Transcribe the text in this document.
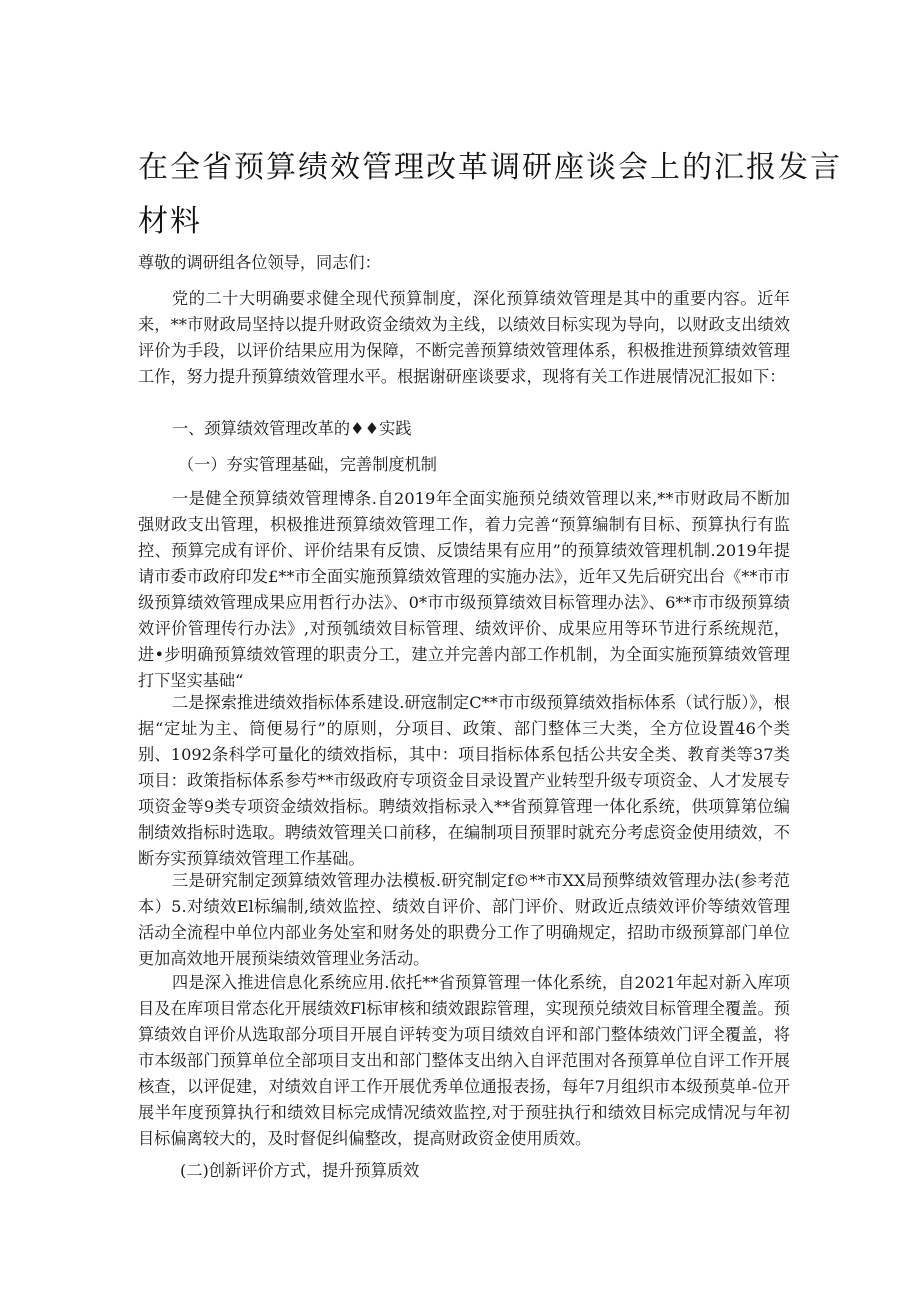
在全省预算绩效管理改革调研座谈会上的汇报发言
材料
尊敬的调研组各位领导，同志们：

党的二十大明确要求健全现代预算制度，深化预算绩效管理是其中的重要内容。近年来，**市财政局坚持以提升财政资金绩效为主线，以绩效目标实现为导向，以财政支出绩效评价为手段，以评价结果应用为保障，不断完善预算绩效管理体系，积极推进预算绩效管理工作，努力提升预算绩效管理水平。根据谢研座谈要求，现将有关工作进展情况汇报如下：

一、颈算绩效管理改革的♦♦实践
（一）夯实管理基础，完善制度机制

一是健全预算绩效管理博条.自2019年全面实施预兑绩效管理以来,**市财政局不断加强财政支出管理，枳极推进预算绩效管理工作，着力完善“预算编制有目标、预算执行有监控、预算完成有评价、评价结果有反馈、反馈结果有应用”的预算绩效管理机制.2019年提请市委市政府印发£**市全面实施预算绩效管理的实施办法》，近年又先后研究出台《**市市级预算绩效管理成果应用哲行办法》、0*市市级预算绩效目标管理办法》、6**市市级预算绩效评价管理传行办法》,对预瓠绩效目标管理、绩效评价、成果应用等环节进行系统规范，进•步明确预算绩效管理的职责分工，建立并完善内部工作机制，为全面实施预算绩效管理打下坚实基础“

二是探索推进绩效指标体系建设.研寇制定C**市市级预算绩效指标体系（试行版）》，根据“定址为主、筒便易行”的原则，分项目、政策、部门整体三大类，全方位设置46个类别、1092条科学可量化的绩效指标，其中：项目指标体系包括公共安全类、教育类等37类项目：政策指标体系参芍**市级政府专项资金目录设置产业转型升级专项资金、人才发展专项资金等9类专项资金绩效指标。聘绩效指标录入**省预算管理一体化系统，供项算第位编制绩效指标时选取。聘绩效管理关口前移，在编制项目预罪时就充分考虑资金使用绩效，不断夯实预算绩效管理工作基础。

三是研究制定颈算绩效管理办法模板.研究制定f©**市XX局预弊绩效管理办法(参考范本）5.对绩效El标编制,绩效监控、绩效自评价、部门评价、财政近点绩效评价等绩效管理活动全流程中单位内部业务处室和财务处的职费分工作了明确规定，招助市级预算部门单位更加高效地开展预柒绩效管理业务活动。

四是深入推进信息化系统应用.依托**省预算管理一体化系统，自2021年起对新入库项目及在库项目常态化开展绩效Fl标审核和绩效跟踪管理，实现预兑绩效目标管理全覆盖。预算绩效自评价从选取部分项目开展自评转变为项目绩效自评和部门整体绩效门评全覆盖，将市本级部门预算单位全部项目支出和部门整体支出纳入自评范围对各预算单位自评工作开展核查，以评促建，对绩效自评工作开展优秀单位通报表扬，每年7月组织市本级预莫单-位开展半年度预算执行和绩效目标完成情况绩效监控,对于预驻执行和绩效目标完成情况与年初目标偏离较大的，及时督促纠偏整改，提高财政资金使用质效。

(二)创新评价方式，提升预算质效
